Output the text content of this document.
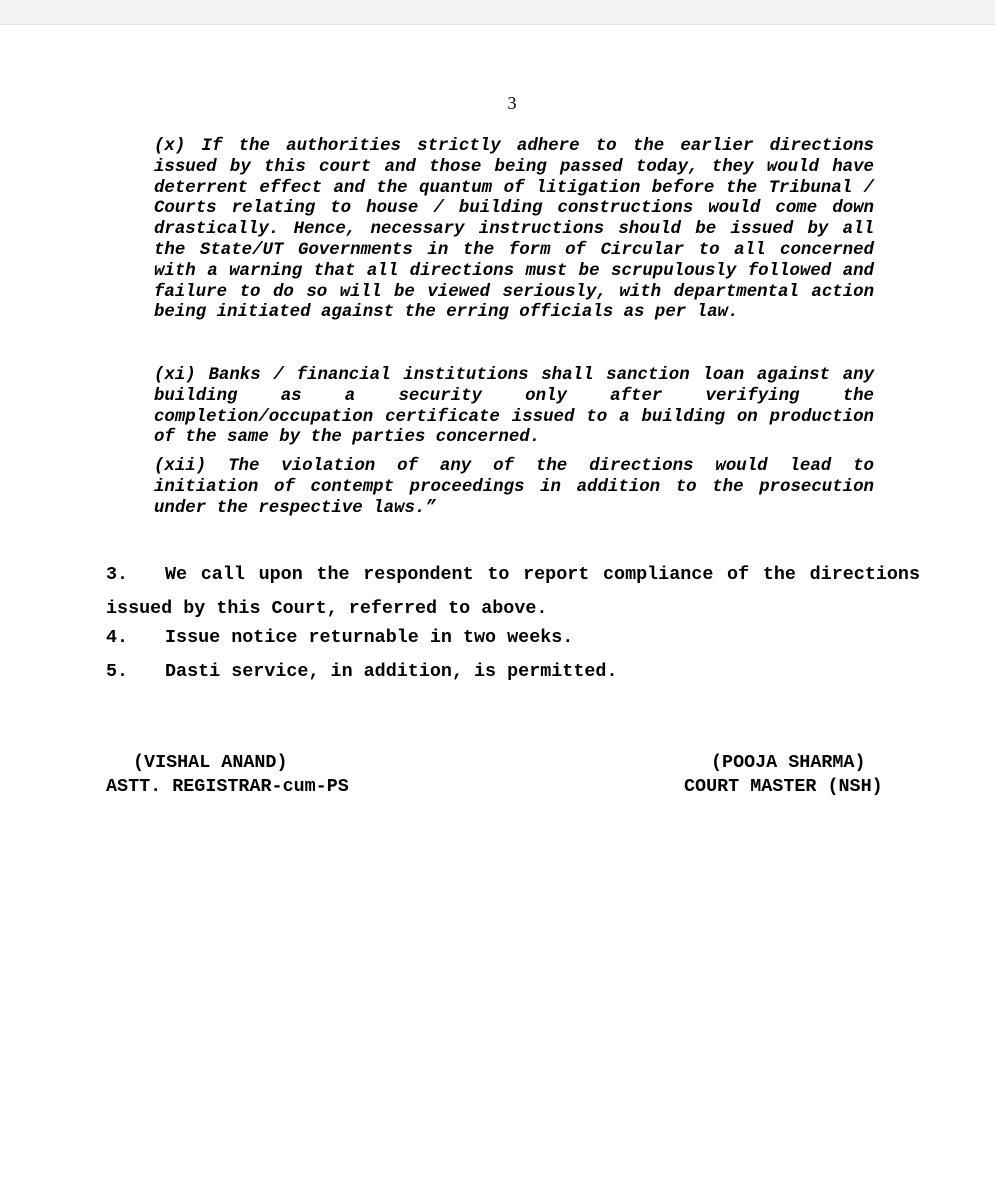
3

(x) If the authorities strictly adhere to the earlier directions issued by this court and those being passed today, they would have deterrent effect and the quantum of litigation before the Tribunal / Courts relating to house / building constructions would come down drastically. Hence, necessary instructions should be issued by all the State/UT Governments in the form of Circular to all concerned with a warning that all directions must be scrupulously followed and failure to do so will be viewed seriously, with departmental action being initiated against the erring officials as per law.

(xi) Banks / financial institutions shall sanction loan against any building as a security only after verifying the completion/occupation certificate issued to a building on production of the same by the parties concerned.

(xii) The violation of any of the directions would lead to initiation of contempt proceedings in addition to the prosecution under the respective laws.”

3. We call upon the respondent to report compliance of the directions issued by this Court, referred to above.

4. Issue notice returnable in two weeks.

5. Dasti service, in addition, is permitted.

(VISHAL ANAND)
ASTT. REGISTRAR-cum-PS
(POOJA SHARMA)
COURT MASTER (NSH)
